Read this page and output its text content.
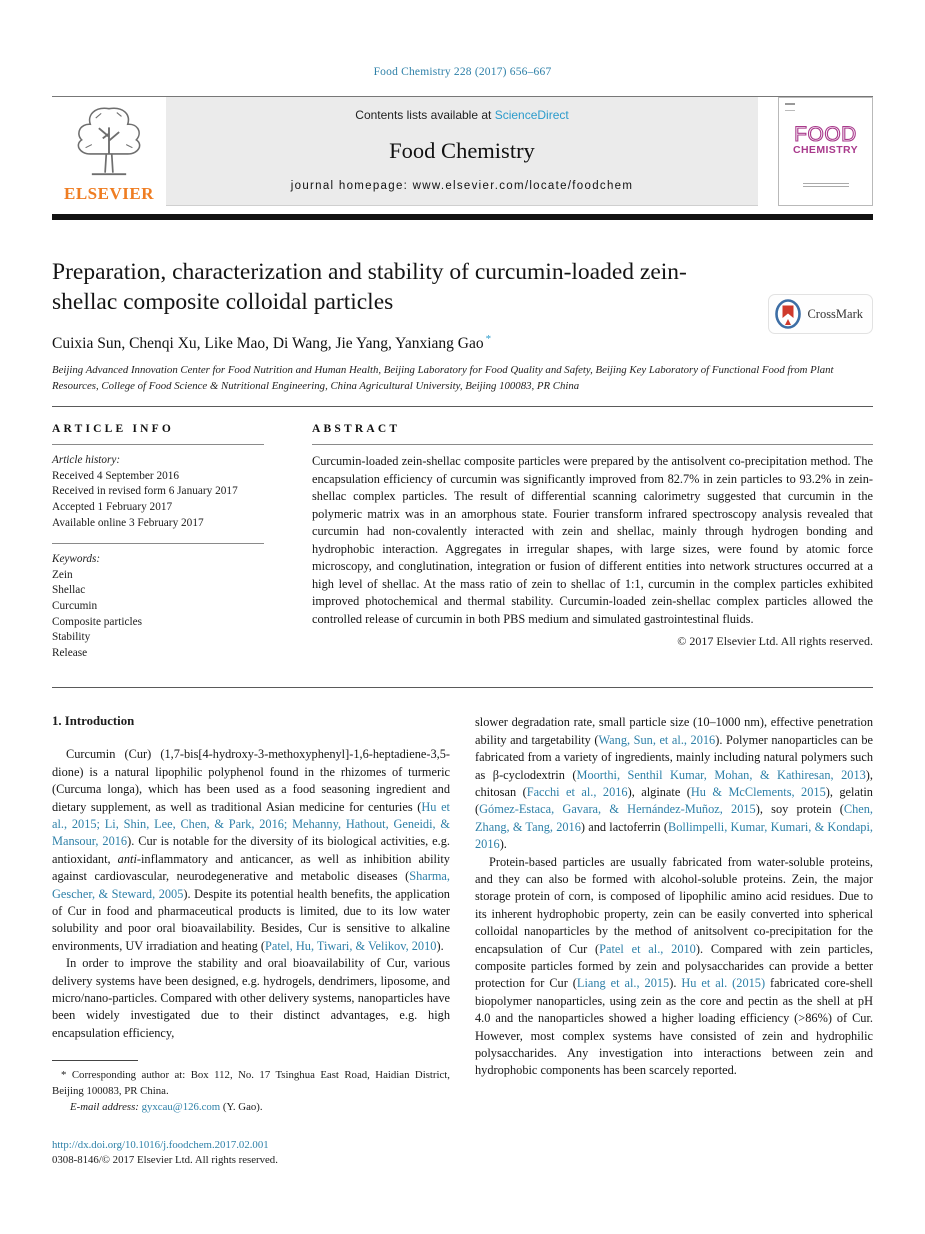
Food Chemistry 228 (2017) 656–667
ELSEVIER
Contents lists available at ScienceDirect
Food Chemistry
journal homepage: www.elsevier.com/locate/foodchem
FOOD
CHEMISTRY
Preparation, characterization and stability of curcumin-loaded zein-shellac composite colloidal particles	CrossMark
Cuixia Sun, Chenqi Xu, Like Mao, Di Wang, Jie Yang, Yanxiang Gao *
Beijing Advanced Innovation Center for Food Nutrition and Human Health, Beijing Laboratory for Food Quality and Safety, Beijing Key Laboratory of Functional Food from Plant Resources, College of Food Science & Nutritional Engineering, China Agricultural University, Beijing 100083, PR China
ARTICLE INFO
Article history:
Received 4 September 2016
Received in revised form 6 January 2017
Accepted 1 February 2017
Available online 3 February 2017
Keywords:
Zein
Shellac
Curcumin
Composite particles
Stability
Release
ABSTRACT

Curcumin-loaded zein-shellac composite particles were prepared by the antisolvent co-precipitation method. The encapsulation efficiency of curcumin was significantly improved from 82.7% in zein particles to 93.2% in zein-shellac complex particles. The result of differential scanning calorimetry suggested that curcumin in the polymeric matrix was in an amorphous state. Fourier transform infrared spectroscopy analysis revealed that curcumin had non-covalently interacted with zein and shellac, mainly through hydrogen bonding and hydrophobic interaction. Aggregates in irregular shapes, with large sizes, were found by atomic force microscopy, and conglutination, integration or fusion of different entities into network structures occurred at a high level of shellac. At the mass ratio of zein to shellac of 1:1, curcumin in the complex particles exhibited improved photochemical and thermal stability. Curcumin-loaded zein-shellac complex particles allowed the controlled release of curcumin in both PBS medium and simulated gastrointestinal fluids.

© 2017 Elsevier Ltd. All rights reserved.
1. Introduction

Curcumin (Cur) (1,7-bis[4-hydroxy-3-methoxyphenyl]-1,6-heptadiene-3,5-dione) is a natural lipophilic polyphenol found in the rhizomes of turmeric (Curcuma longa), which has been used as a food seasoning ingredient and dietary supplement, as well as traditional Asian medicine for centuries (Hu et al., 2015; Li, Shin, Lee, Chen, & Park, 2016; Mehanny, Hathout, Geneidi, & Mansour, 2016). Cur is notable for the diversity of its biological activities, e.g. antioxidant, anti-inflammatory and anticancer, as well as inhibition ability against cardiovascular, neurodegenerative and metabolic diseases (Sharma, Gescher, & Steward, 2005). Despite its potential health benefits, the application of Cur in food and pharmaceutical products is limited, due to its low water solubility and poor oral bioavailability. Besides, Cur is sensitive to alkaline environments, UV irradiation and heating (Patel, Hu, Tiwari, & Velikov, 2010).

In order to improve the stability and oral bioavailability of Cur, various delivery systems have been designed, e.g. hydrogels, dendrimers, liposome, and micro/nano-particles. Compared with other delivery systems, nanoparticles have been widely investigated due to their distinct advantages, e.g. high encapsulation efficiency,

* Corresponding author at: Box 112, No. 17 Tsinghua East Road, Haidian District, Beijing 100083, PR China.

E-mail address: gyxcau@126.com (Y. Gao).

http://dx.doi.org/10.1016/j.foodchem.2017.02.001
0308-8146/© 2017 Elsevier Ltd. All rights reserved.

slower degradation rate, small particle size (10–1000 nm), effective penetration ability and targetability (Wang, Sun, et al., 2016). Polymer nanoparticles can be fabricated from a variety of ingredients, mainly including natural polymers such as β-cyclodextrin (Moorthi, Senthil Kumar, Mohan, & Kathiresan, 2013), chitosan (Facchi et al., 2016), alginate (Hu & McClements, 2015), gelatin (Gómez-Estaca, Gavara, & Hernández-Muñoz, 2015), soy protein (Chen, Zhang, & Tang, 2016) and lactoferrin (Bollimpelli, Kumar, Kumari, & Kondapi, 2016).

Protein-based particles are usually fabricated from water-soluble proteins, and they can also be formed with alcohol-soluble proteins. Zein, the major storage protein of corn, is composed of lipophilic amino acid residues. Due to its inherent hydrophobic property, zein can be easily converted into spherical colloidal nanoparticles by the method of anitsolvent co-precipitation for the encapsulation of Cur (Patel et al., 2010). Compared with zein particles, composite particles formed by zein and polysaccharides can provide a better protection for Cur (Liang et al., 2015). Hu et al. (2015) fabricated core-shell biopolymer nanoparticles, using zein as the core and pectin as the shell at pH 4.0 and the nanoparticles showed a higher loading efficiency (>86%) of Cur. However, most complex systems have consisted of zein and hydrophilic polysaccharides. Any investigation into interactions between zein and hydrophobic components has been scarcely reported.
